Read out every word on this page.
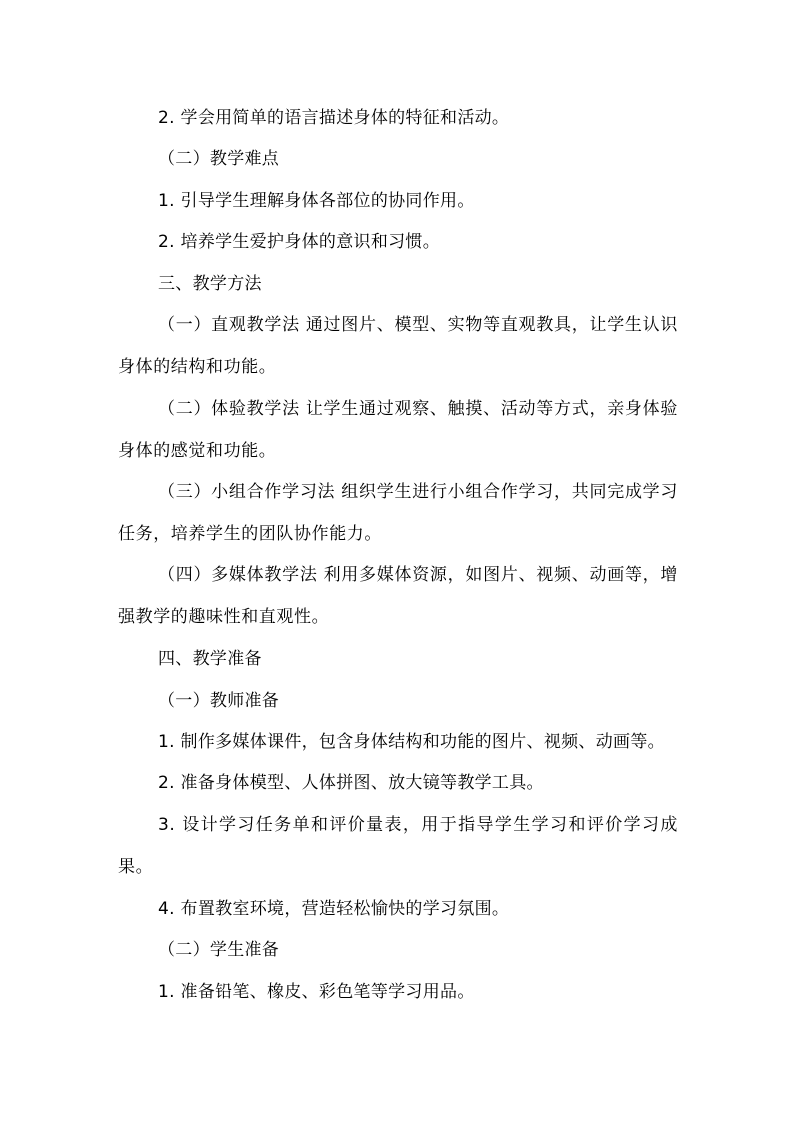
2. 学会用简单的语言描述身体的特征和活动。
（二）教学难点
1. 引导学生理解身体各部位的协同作用。
2. 培养学生爱护身体的意识和习惯。
三、教学方法
（一）直观教学法 通过图片、模型、实物等直观教具，让学生认识身体的结构和功能。
（二）体验教学法 让学生通过观察、触摸、活动等方式，亲身体验身体的感觉和功能。
（三）小组合作学习法 组织学生进行小组合作学习，共同完成学习任务，培养学生的团队协作能力。
（四）多媒体教学法 利用多媒体资源，如图片、视频、动画等，增强教学的趣味性和直观性。
四、教学准备
（一）教师准备
1. 制作多媒体课件，包含身体结构和功能的图片、视频、动画等。
2. 准备身体模型、人体拼图、放大镜等教学工具。
3. 设计学习任务单和评价量表，用于指导学生学习和评价学习成果。
4. 布置教室环境，营造轻松愉快的学习氛围。
（二）学生准备
1. 准备铅笔、橡皮、彩色笔等学习用品。
